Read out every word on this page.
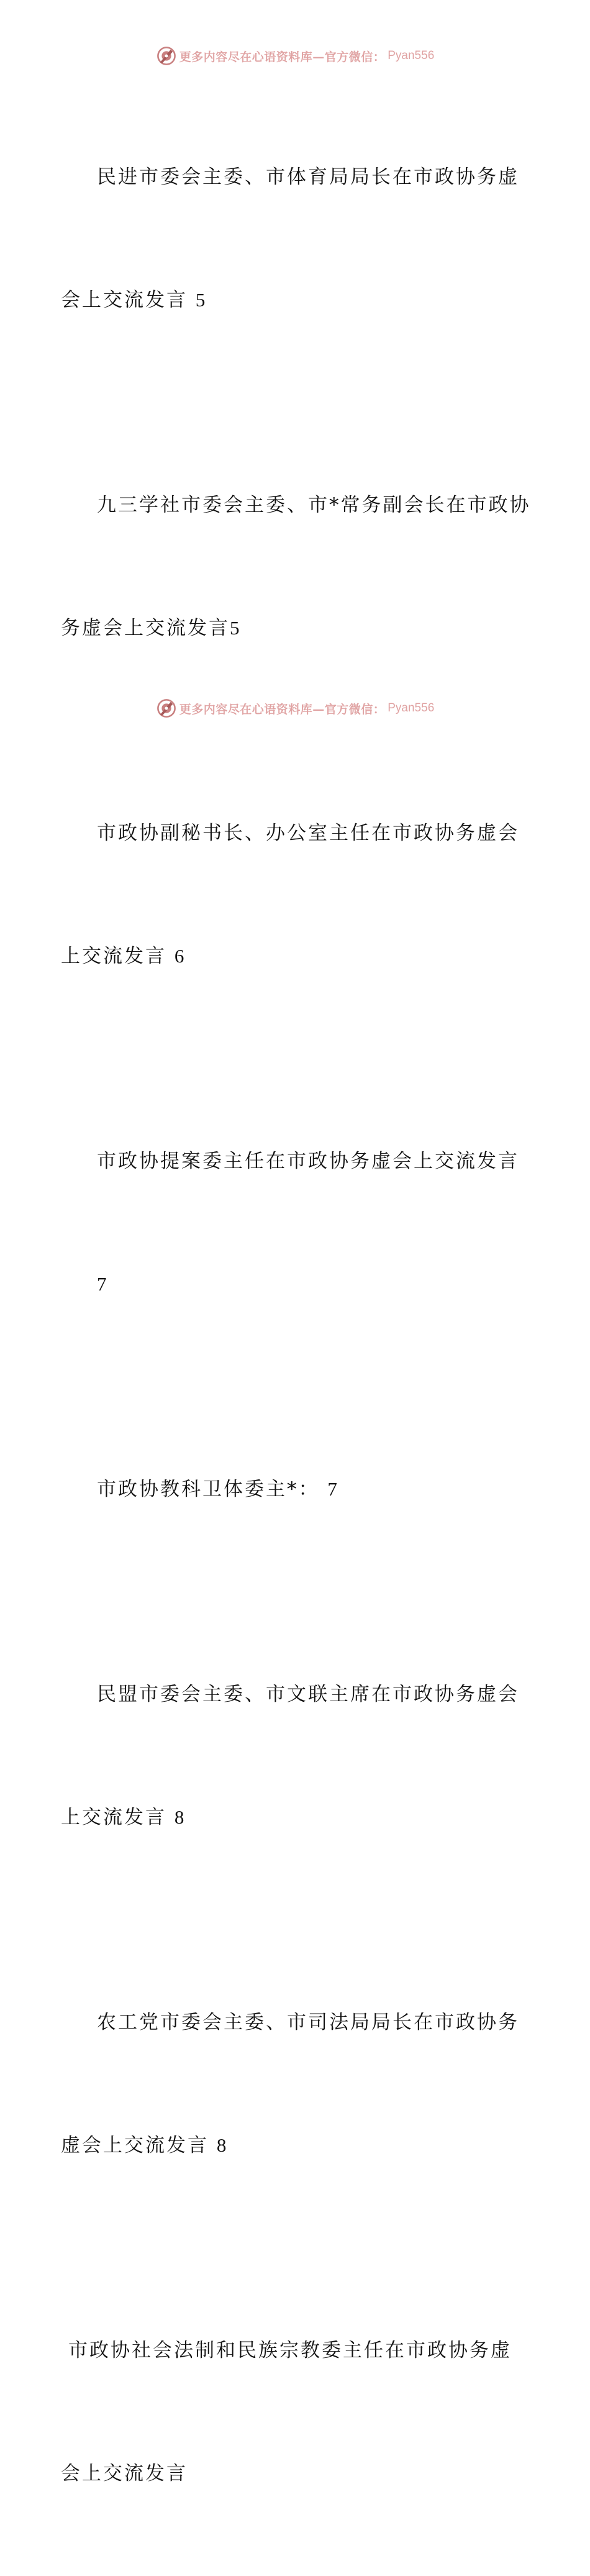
更多内容尽在心语资料库—官方微信： Pyan556

民进市委会主委、市体育局局长在市政协务虚

会上交流发言 5

九三学社市委会主委、市*常务副会长在市政协

务虚会上交流发言5

市政协副秘书长、办公室主任在市政协务虚会

上交流发言 6

市政协提案委主任在市政协务虚会上交流发言

7

市政协教科卫体委主*： 7

民盟市委会主委、市文联主席在市政协务虚会

上交流发言 8

农工党市委会主委、市司法局局长在市政协务

虚会上交流发言 8

市政协社会法制和民族宗教委主任在市政协务虚

会上交流发言

更多内容尽在心语资料库—官方微信： Pyan556
